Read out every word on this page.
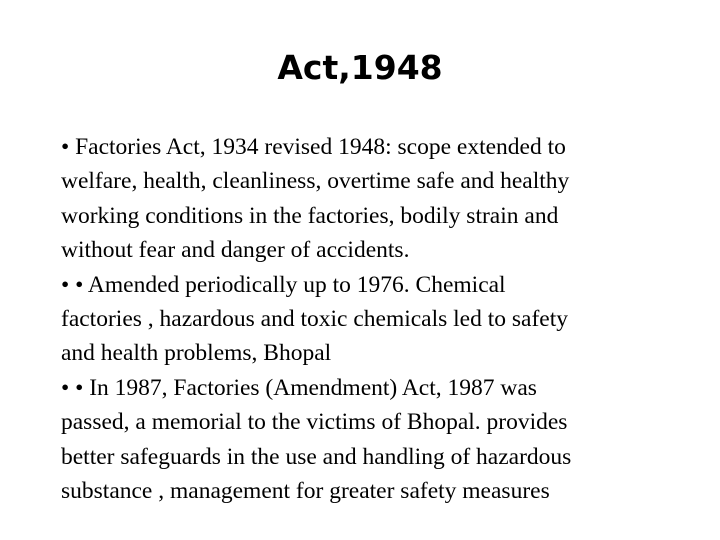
Act,1948
• Factories Act, 1934 revised 1948: scope extended to
welfare, health, cleanliness, overtime safe and healthy
working conditions in the factories, bodily strain and
without fear and danger of accidents.
• • Amended periodically up to 1976. Chemical
factories , hazardous and toxic chemicals led to safety
and health problems, Bhopal
• • In 1987, Factories (Amendment) Act, 1987 was
passed, a memorial to the victims of Bhopal. provides
better safeguards in the use and handling of hazardous
substance , management for greater safety measures
